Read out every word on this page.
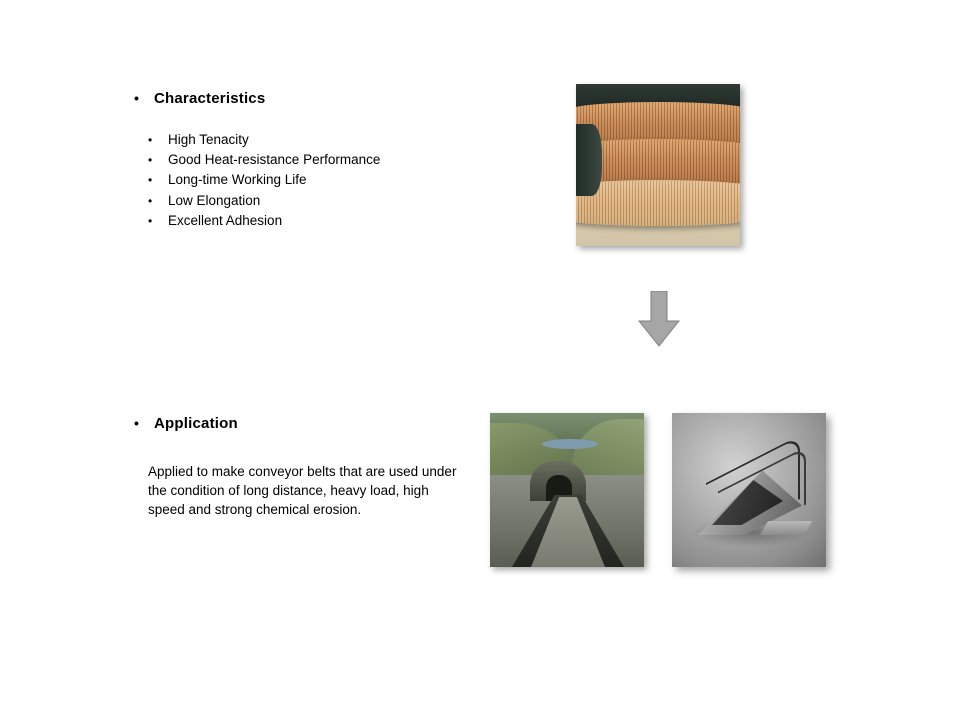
•	Characteristics
•	High Tenacity
•	Good Heat-resistance Performance
•	Long-time Working Life
•	Low Elongation
•	Excellent Adhesion
•	Application
Applied to make conveyor belts that are used under the condition of long distance, heavy load, high speed and strong chemical erosion.
